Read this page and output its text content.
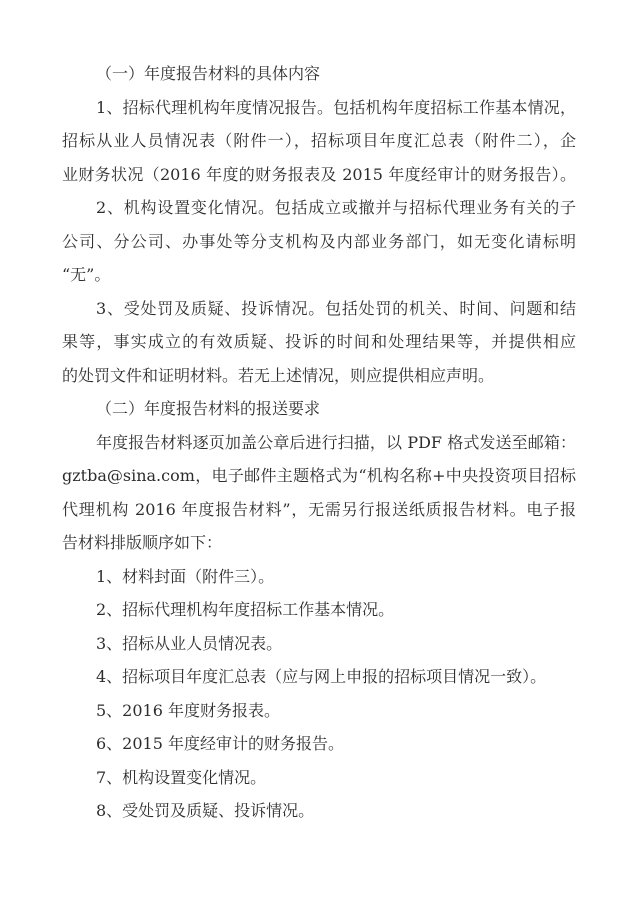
（一）年度报告材料的具体内容
1、招标代理机构年度情况报告。包括机构年度招标工作基本情况，
招标从业人员情况表（附件一），招标项目年度汇总表（附件二），企
业财务状况（2016 年度的财务报表及 2015 年度经审计的财务报告）。
2、机构设置变化情况。包括成立或撤并与招标代理业务有关的子
公司、分公司、办事处等分支机构及内部业务部门，如无变化请标明
“无”。
3、受处罚及质疑、投诉情况。包括处罚的机关、时间、问题和结
果等，事实成立的有效质疑、投诉的时间和处理结果等，并提供相应
的处罚文件和证明材料。若无上述情况，则应提供相应声明。
（二）年度报告材料的报送要求
年度报告材料逐页加盖公章后进行扫描，以 PDF 格式发送至邮箱：
gztba@sina.com，电子邮件主题格式为“机构名称+中央投资项目招标
代理机构 2016 年度报告材料”，无需另行报送纸质报告材料。电子报
告材料排版顺序如下：
1、材料封面（附件三）。
2、招标代理机构年度招标工作基本情况。
3、招标从业人员情况表。
4、招标项目年度汇总表（应与网上申报的招标项目情况一致）。
5、2016 年度财务报表。
6、2015 年度经审计的财务报告。
7、机构设置变化情况。
8、受处罚及质疑、投诉情况。
